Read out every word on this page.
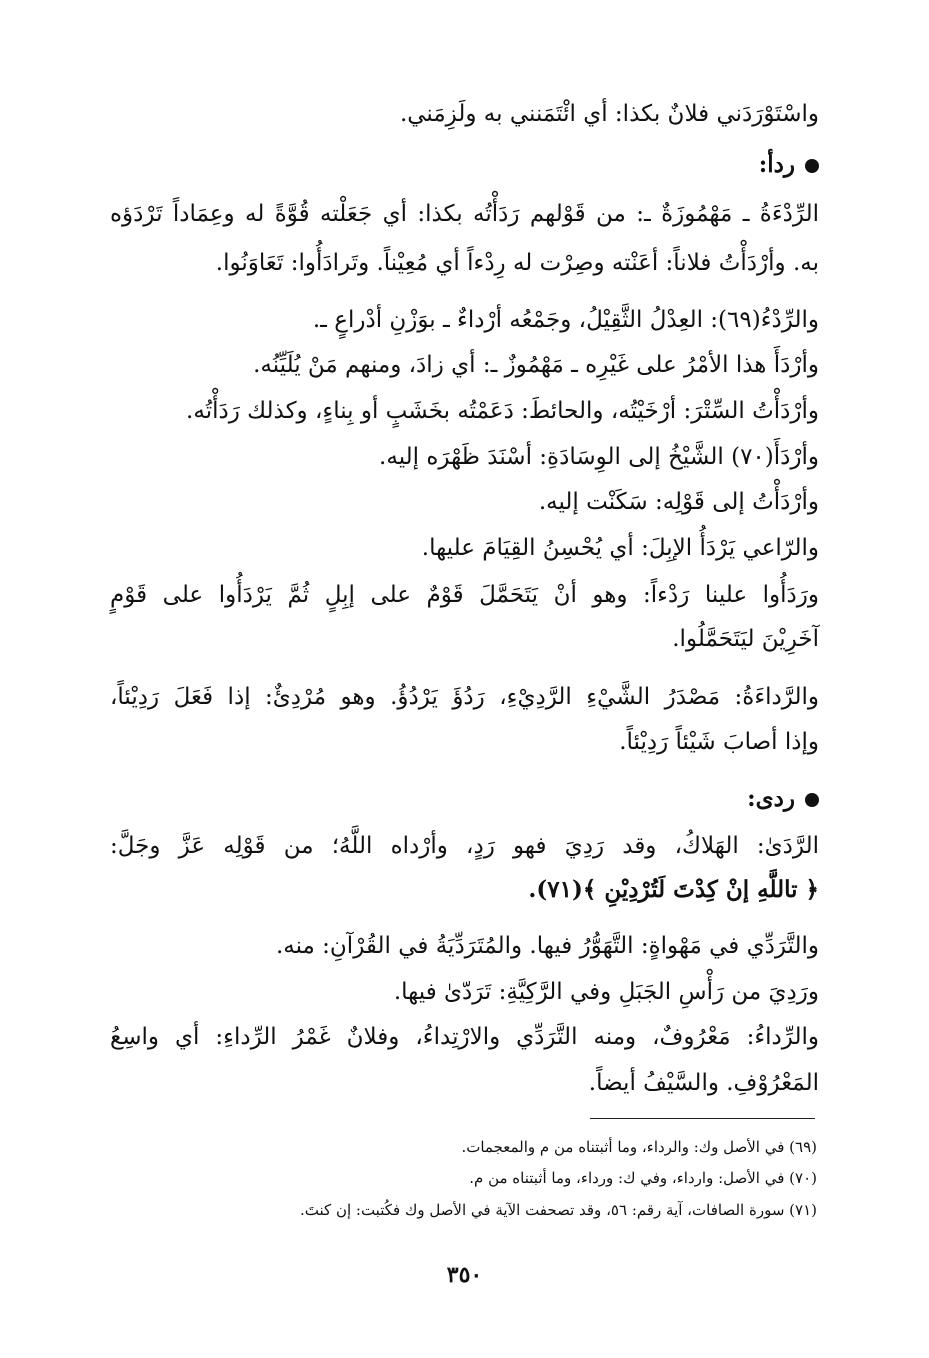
واسْتَوْرَدَني فلانٌ بكذا: أي ائْتَمَنني به ولَزِمَني.
ردأ:
الرِّدْءَةُ ـ مَهْمُوزَةٌ ـ: من قَوْلهم رَدَأْتُه بكذا: أي جَعَلْته قُوَّةً له وعِمَاداً تَرْدَؤه
به. وأرْدَأْتُ فلاناً: أعَنْته وصِرْت له رِدْءاً أي مُعِيْناً. وتَرادَأُوا: تَعَاوَنُوا.
والرِّدْءُ(٦٩): العِدْلُ الثَّقِيْلُ، وجَمْعُه أرْداءٌ ـ بوَزْنِ أدْراعٍ ـ.
وأرْدَأَ هذا الأمْرُ على غَيْرِه ـ مَهْمُوزٌ ـ: أي زادَ، ومنهم مَنْ يُلَيِّنُه.
وأرْدَأْتُ السِّتْرَ: أرْخَيْتُه، والحائطَ: دَعَمْتُه بخَشَبٍ أو بِناءٍ، وكذلك رَدَأْتُه.
وأرْدَأَ(٧٠) الشَّيْخُ إلى الوِسَادَةِ: أسْنَدَ ظَهْرَه إليه.
وأرْدَأْتُ إلى قَوْلِه: سَكَنْت إليه.
والرّاعي يَرْدَأُ الإبِلَ: أي يُحْسِنُ القِيَامَ عليها.
ورَدَأُوا علينا رَدْءاً: وهو أنْ يَتَحَمَّلَ قَوْمٌ على إبِلٍ ثُمَّ يَرْدَأُوا على قَوْمٍ
آخَرِيْنَ ليَتَحَمَّلُوا.
والرَّداءَةُ: مَصْدَرُ الشَّيْءِ الرَّدِيْءِ، رَدُؤَ يَرْدُؤُ. وهو مُرْدِئٌ: إذا فَعَلَ رَدِيْئاً،
وإذا أصابَ شَيْئاً رَدِيْئاً.
ردى:
الرَّدَىٰ: الهَلاكُ، وقد رَدِيَ فهو رَدٍ، وأرْداه اللَّهُ؛ من قَوْلِه عَزَّ وجَلَّ:
﴿ تاللَّهِ إنْ كِدْتَ لَتُرْدِيْنِ ﴾(٧١).
والتَّرَدِّي في مَهْواةٍ: التَّهَوُّرُ فيها. والمُتَرَدِّيَةُ في القُرْآنِ: منه.
ورَدِيَ من رَأْسِ الجَبَلِ وفي الرَّكِيَّةِ: تَرَدّىٰ فيها.
والرِّداءُ: مَعْرُوفٌ، ومنه التَّرَدِّي والارْتِداءُ، وفلانٌ غَمْرُ الرِّداءِ: أي واسِعُ
المَعْرُوْفِ. والسَّيْفُ أيضاً.
(٦٩) في الأصل وك: والرداء، وما أثبتناه من م والمعجمات.
(٧٠) في الأصل: وارداء، وفي ك: ورداء، وما أثبتناه من م.
(٧١) سورة الصافات، آية رقم: ٥٦، وقد تصحفت الآية في الأصل وك فكُتبت: إن كنتَ.
٣٥٠
